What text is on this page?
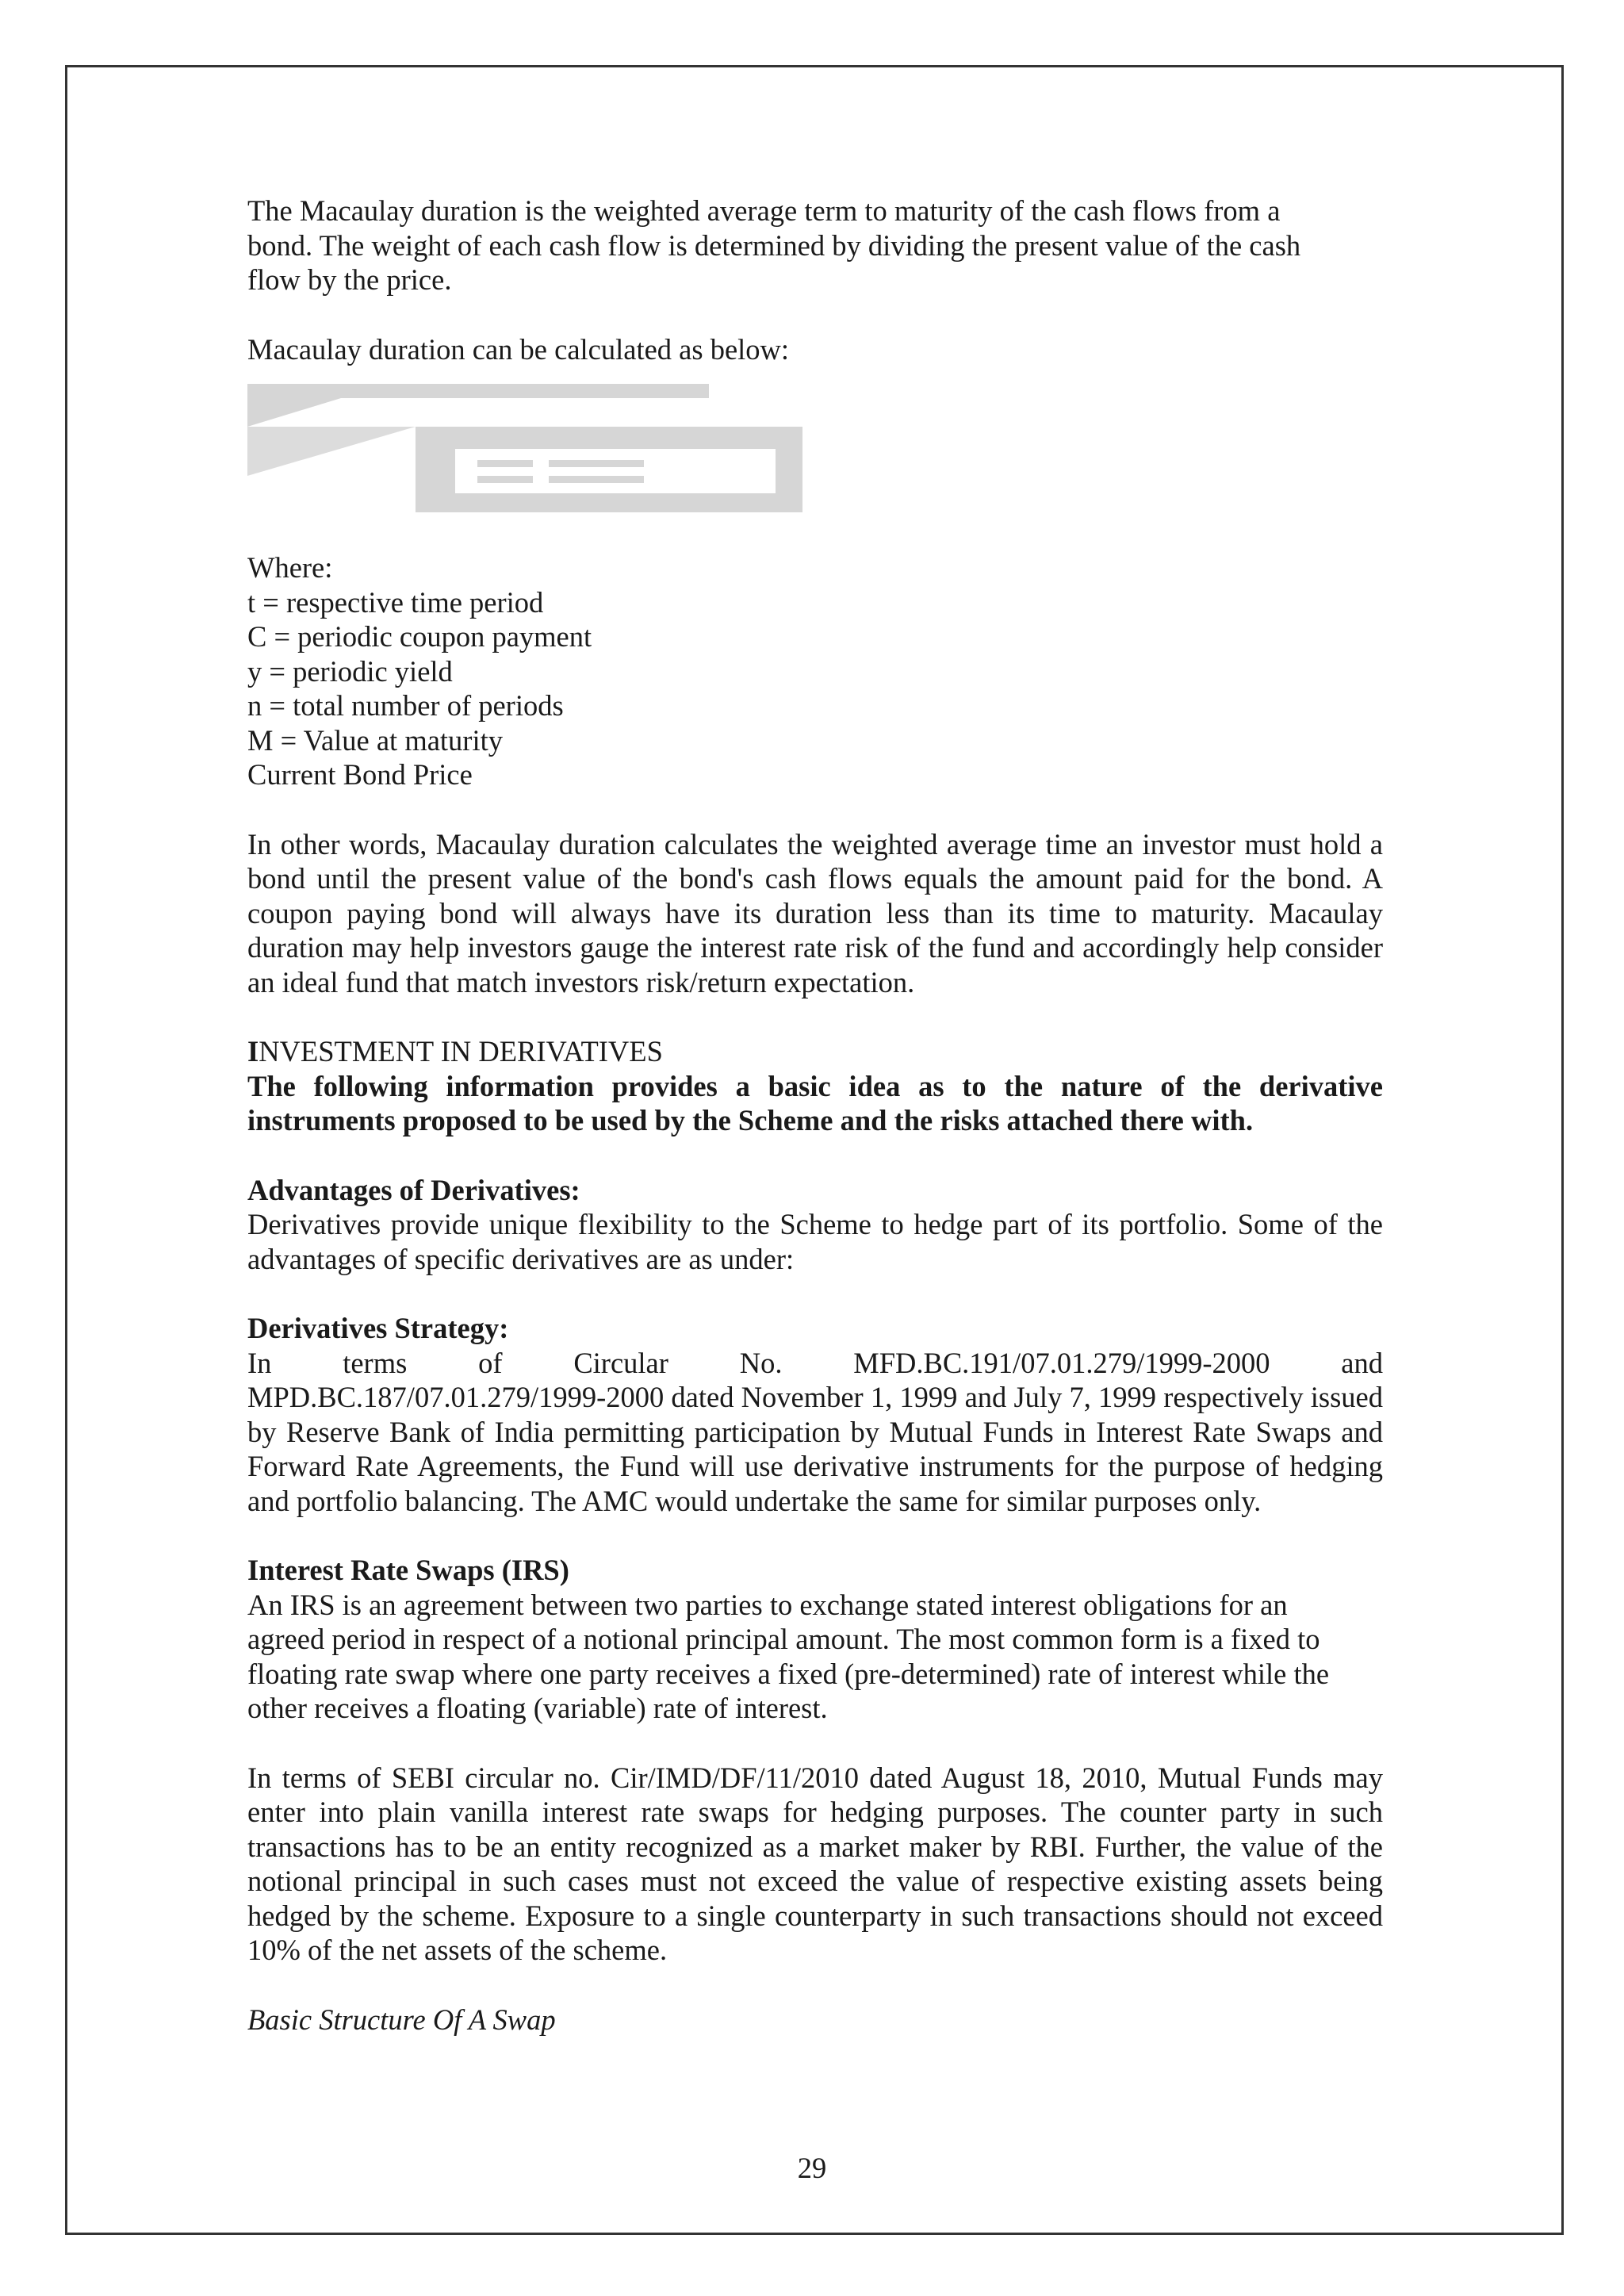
The Macaulay duration is the weighted average term to maturity of the cash flows from a

bond. The weight of each cash flow is determined by dividing the present value of the cash

flow by the price.

Macaulay duration can be calculated as below:

Where:

t = respective time period

C = periodic coupon payment

y = periodic yield

n = total number of periods

M = Value at maturity

Current Bond Price

In other words, Macaulay duration calculates the weighted average time an investor must hold a bond until the present value of the bond's cash flows equals the amount paid for the bond. A coupon paying bond will always have its duration less than its time to maturity. Macaulay duration may help investors gauge the interest rate risk of the fund and accordingly help consider an ideal fund that match investors risk/return expectation.

INVESTMENT IN DERIVATIVES

The following information provides a basic idea as to the nature of the derivative instruments proposed to be used by the Scheme and the risks attached there with.

Advantages of Derivatives:

Derivatives provide unique flexibility to the Scheme to hedge part of its portfolio. Some of the advantages of specific derivatives are as under:

Derivatives Strategy:

In terms of Circular No. MFD.BC.191/07.01.279/1999-2000 and

MPD.BC.187/07.01.279/1999-2000 dated November 1, 1999 and July 7, 1999 respectively issued by Reserve Bank of India permitting participation by Mutual Funds in Interest Rate Swaps and Forward Rate Agreements, the Fund will use derivative instruments for the purpose of hedging and portfolio balancing. The AMC would undertake the same for similar purposes only.

Interest Rate Swaps (IRS)

An IRS is an agreement between two parties to exchange stated interest obligations for an

agreed period in respect of a notional principal amount. The most common form is a fixed to

floating rate swap where one party receives a fixed (pre-determined) rate of interest while the

other receives a floating (variable) rate of interest.

In terms of SEBI circular no. Cir/IMD/DF/11/2010 dated August 18, 2010, Mutual Funds may enter into plain vanilla interest rate swaps for hedging purposes. The counter party in such transactions has to be an entity recognized as a market maker by RBI. Further, the value of the notional principal in such cases must not exceed the value of respective existing assets being hedged by the scheme. Exposure to a single counterparty in such transactions should not exceed 10% of the net assets of the scheme.

Basic Structure Of A Swap

29
